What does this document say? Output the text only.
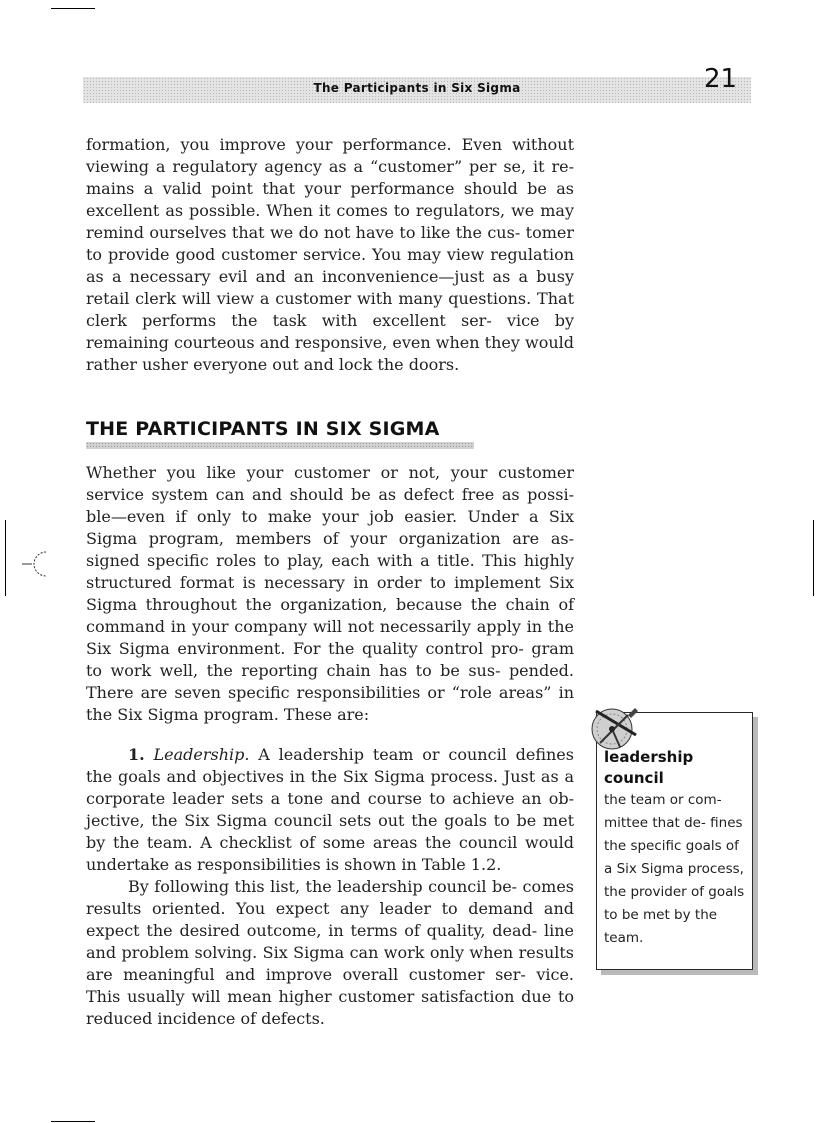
The Participants in Six Sigma	21

formation, you improve your performance. Even without viewing a regulatory agency as a “customer” per se, it re- mains a valid point that your performance should be as excellent as possible. When it comes to regulators, we may remind ourselves that we do not have to like the cus- tomer to provide good customer service. You may view regulation as a necessary evil and an inconvenience—just as a busy retail clerk will view a customer with many questions. That clerk performs the task with excellent ser- vice by remaining courteous and responsive, even when they would rather usher everyone out and lock the doors.

THE PARTICIPANTS IN SIX SIGMA

Whether you like your customer or not, your customer service system can and should be as defect free as possi- ble—even if only to make your job easier. Under a Six Sigma program, members of your organization are as- signed specific roles to play, each with a title. This highly structured format is necessary in order to implement Six Sigma throughout the organization, because the chain of command in your company will not necessarily apply in the Six Sigma environment. For the quality control pro- gram to work well, the reporting chain has to be sus- pended. There are seven specific responsibilities or “role areas” in the Six Sigma program. These are:

1. Leadership. A leadership team or council defines the goals and objectives in the Six Sigma process. Just as a corporate leader sets a tone and course to achieve an ob- jective, the Six Sigma council sets out the goals to be met by the team. A checklist of some areas the council would undertake as responsibilities is shown in Table 1.2.

By following this list, the leadership council be- comes results oriented. You expect any leader to demand and expect the desired outcome, in terms of quality, dead- line and problem solving. Six Sigma can work only when results are meaningful and improve overall customer ser- vice. This usually will mean higher customer satisfaction due to reduced incidence of defects.

leadership council

the team or com- mittee that de- fines the specific goals of a Six Sigma process, the provider of goals to be met by the team.
